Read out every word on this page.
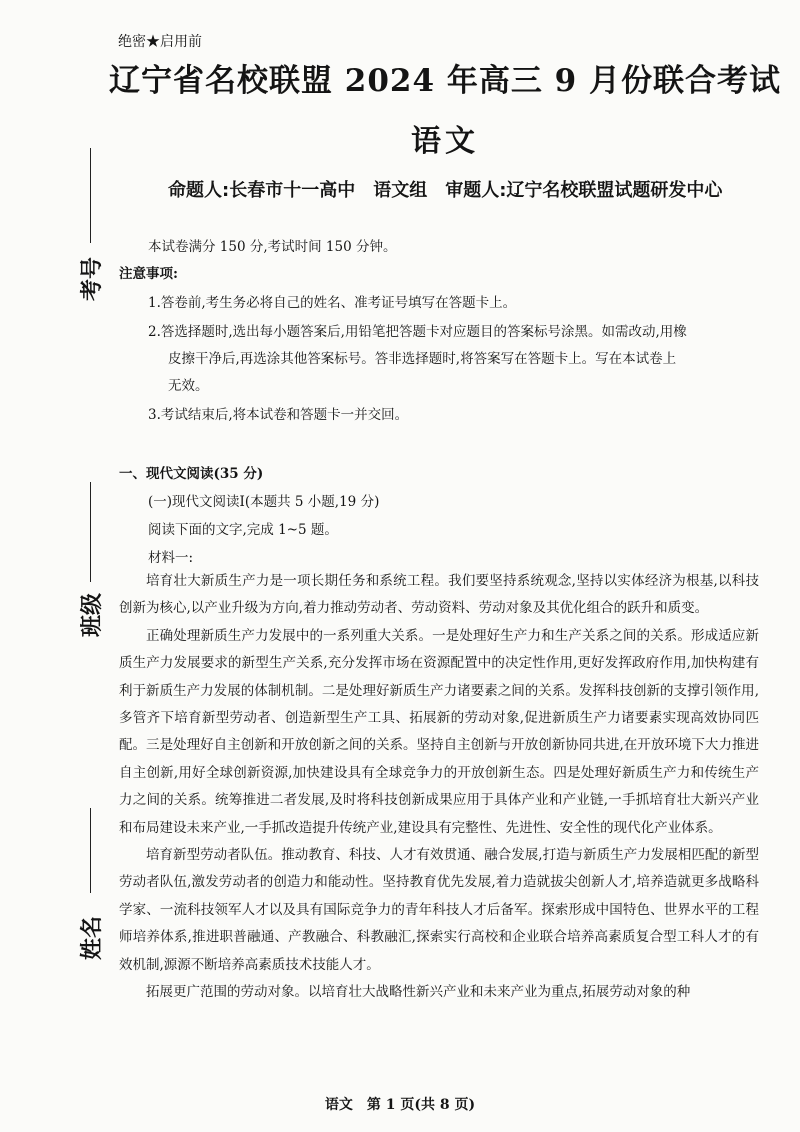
考号
班级
姓名
绝密★启用前
辽宁省名校联盟 2024 年高三 9 月份联合考试
语文
命题人:长春市十一高中 语文组 审题人:辽宁名校联盟试题研发中心
本试卷满分 150 分,考试时间 150 分钟。
注意事项:
1.答卷前,考生务必将自己的姓名、准考证号填写在答题卡上。
2.答选择题时,选出每小题答案后,用铅笔把答题卡对应题目的答案标号涂黑。如需改动,用橡
皮擦干净后,再选涂其他答案标号。答非选择题时,将答案写在答题卡上。写在本试卷上
无效。
3.考试结束后,将本试卷和答题卡一并交回。
一、现代文阅读(35 分)
(一)现代文阅读Ⅰ(本题共 5 小题,19 分)
阅读下面的文字,完成 1~5 题。
材料一:

培育壮大新质生产力是一项长期任务和系统工程。我们要坚持系统观念,坚持以实体经济为根基,以科技创新为核心,以产业升级为方向,着力推动劳动者、劳动资料、劳动对象及其优化组合的跃升和质变。

正确处理新质生产力发展中的一系列重大关系。一是处理好生产力和生产关系之间的关系。形成适应新质生产力发展要求的新型生产关系,充分发挥市场在资源配置中的决定性作用,更好发挥政府作用,加快构建有利于新质生产力发展的体制机制。二是处理好新质生产力诸要素之间的关系。发挥科技创新的支撑引领作用,多管齐下培育新型劳动者、创造新型生产工具、拓展新的劳动对象,促进新质生产力诸要素实现高效协同匹配。三是处理好自主创新和开放创新之间的关系。坚持自主创新与开放创新协同共进,在开放环境下大力推进自主创新,用好全球创新资源,加快建设具有全球竞争力的开放创新生态。四是处理好新质生产力和传统生产力之间的关系。统筹推进二者发展,及时将科技创新成果应用于具体产业和产业链,一手抓培育壮大新兴产业和布局建设未来产业,一手抓改造提升传统产业,建设具有完整性、先进性、安全性的现代化产业体系。

培育新型劳动者队伍。推动教育、科技、人才有效贯通、融合发展,打造与新质生产力发展相匹配的新型劳动者队伍,激发劳动者的创造力和能动性。坚持教育优先发展,着力造就拔尖创新人才,培养造就更多战略科学家、一流科技领军人才以及具有国际竞争力的青年科技人才后备军。探索形成中国特色、世界水平的工程师培养体系,推进职普融通、产教融合、科教融汇,探索实行高校和企业联合培养高素质复合型工科人才的有效机制,源源不断培养高素质技术技能人才。

拓展更广范围的劳动对象。以培育壮大战略性新兴产业和未来产业为重点,拓展劳动对象的种

语文　第 1 页(共 8 页)
